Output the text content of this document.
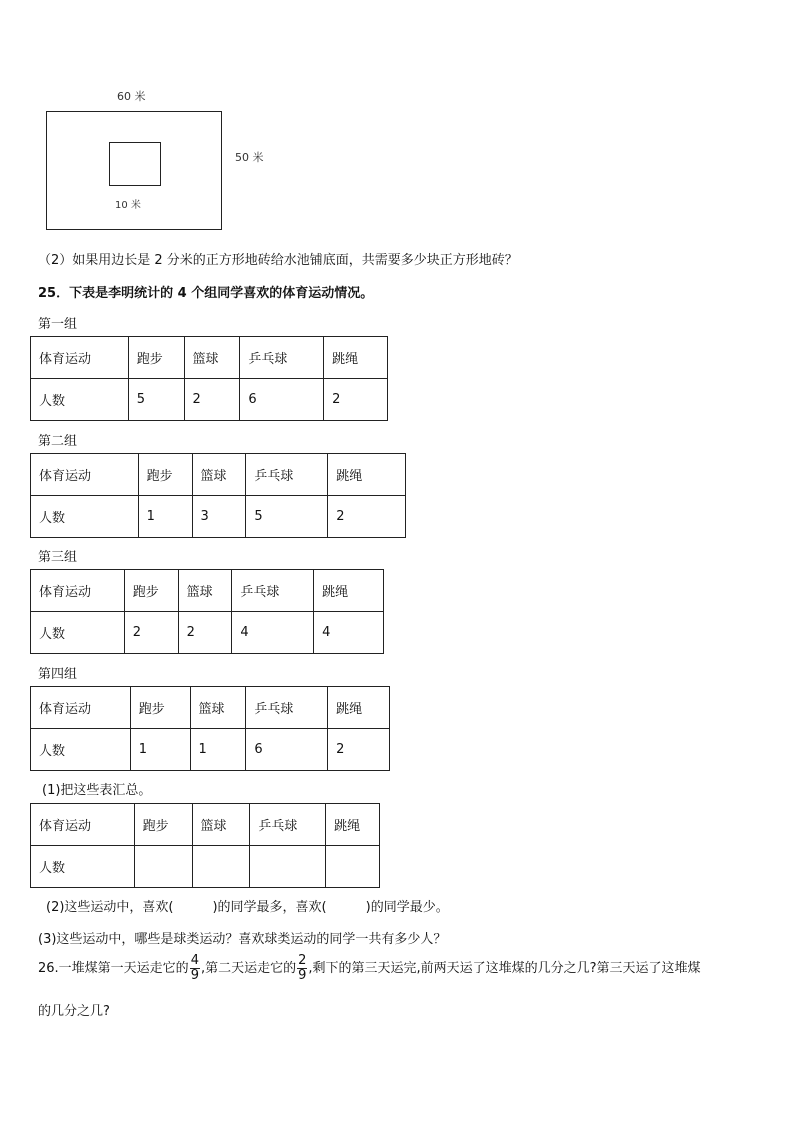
60 米
50 米
10 米
（2）如果用边长是 2 分米的正方形地砖给水池铺底面，共需要多少块正方形地砖？
25．下表是李明统计的 4 个组同学喜欢的体育运动情况。
第一组
体育运动	跑步	篮球	乒乓球	跳绳
人数	5	2	6	2
第二组
体育运动	跑步	篮球	乒乓球	跳绳
人数	1	3	5	2
第三组
体育运动	跑步	篮球	乒乓球	跳绳
人数	2	2	4	4
第四组
体育运动	跑步	篮球	乒乓球	跳绳
人数	1	1	6	2
(1)把这些表汇总。
体育运动	跑步	篮球	乒乓球	跳绳
人数				
(2)这些运动中，喜欢(　　　)的同学最多，喜欢(　　　)的同学最少。
(3)这些运动中，哪些是球类运动？喜欢球类运动的同学一共有多少人？
26.一堆煤第一天运走它的 $\frac{4}{9}$ ,第二天运走它的 $\frac{2}{9}$ ,剩下的第三天运完,前两天运了这堆煤的几分之几?第三天运了这堆煤
的几分之几?
